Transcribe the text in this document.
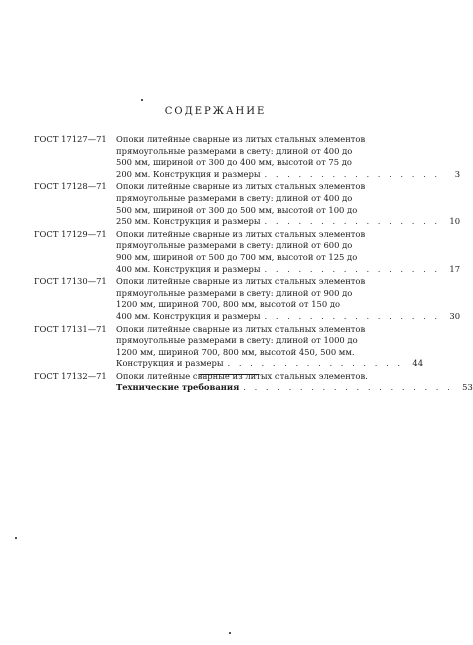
СОДЕРЖАНИЕ
ГОСТ 17127—71	Опоки литейные сварные из литых стальных элементов
прямоугольные размерами в свету: длиной от 400 до
500 мм, шириной от 300 до 400 мм, высотой от 75 до
200 мм. Конструкция и размеры . . . . . . . . . . . . . . . .	3
ГОСТ 17128—71	Опоки литейные сварные из литых стальных элементов
прямоугольные размерами в свету: длиной от 400 до
500 мм, шириной от 300 до 500 мм, высотой от 100 до
250 мм. Конструкция и размеры . . . . . . . . . . . . . . . .	10
ГОСТ 17129—71	Опоки литейные сварные из литых стальных элементов
прямоугольные размерами в свету: длиной от 600 до
900 мм, шириной от 500 до 700 мм, высотой от 125 до
400 мм. Конструкция и размеры . . . . . . . . . . . . . . . .	17
ГОСТ 17130—71	Опоки литейные сварные из литых стальных элементов
прямоугольные размерами в свету: длиной от 900 до
1200 мм, шириной 700, 800 мм, высотой от 150 до
400 мм. Конструкция и размеры . . . . . . . . . . . . . . . .	30
ГОСТ 17131—71	Опоки литейные сварные из литых стальных элементов
прямоугольные размерами в свету: длиной от 1000 до
1200 мм, шириной 700, 800 мм, высотой 450, 500 мм.
Конструкция и размеры . . . . . . . . . . . . . . . .	44
ГОСТ 17132—71	Опоки литейные сварные из литых стальных элементов.
Технические требования . . . . . . . . . . . . . . . . . . .	53
